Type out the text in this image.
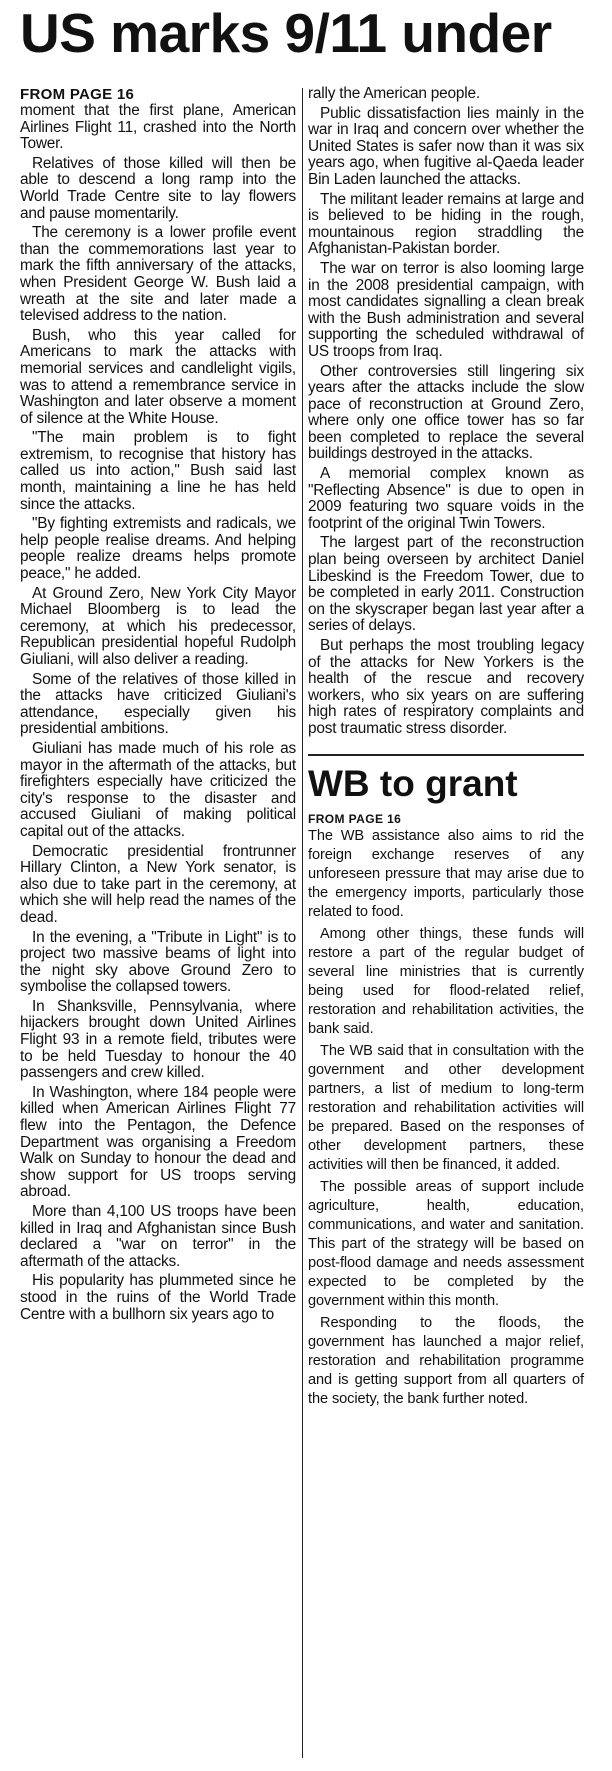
US marks 9/11 under
FROM PAGE 16

moment that the first plane, American Airlines Flight 11, crashed into the North Tower.

Relatives of those killed will then be able to descend a long ramp into the World Trade Centre site to lay flowers and pause momentarily.

The ceremony is a lower profile event than the commemorations last year to mark the fifth anniversary of the attacks, when President George W. Bush laid a wreath at the site and later made a televised address to the nation.

Bush, who this year called for Americans to mark the attacks with memorial services and candlelight vigils, was to attend a remembrance service in Washington and later observe a moment of silence at the White House.

"The main problem is to fight extremism, to recognise that history has called us into action," Bush said last month, maintaining a line he has held since the attacks.

"By fighting extremists and radicals, we help people realise dreams. And helping people realize dreams helps promote peace," he added.

At Ground Zero, New York City Mayor Michael Bloomberg is to lead the ceremony, at which his predecessor, Republican presidential hopeful Rudolph Giuliani, will also deliver a reading.

Some of the relatives of those killed in the attacks have criticized Giuliani's attendance, especially given his presidential ambitions.

Giuliani has made much of his role as mayor in the aftermath of the attacks, but firefighters especially have criticized the city's response to the disaster and accused Giuliani of making political capital out of the attacks.

Democratic presidential frontrunner Hillary Clinton, a New York senator, is also due to take part in the ceremony, at which she will help read the names of the dead.

In the evening, a "Tribute in Light" is to project two massive beams of light into the night sky above Ground Zero to symbolise the collapsed towers.

In Shanksville, Pennsylvania, where hijackers brought down United Airlines Flight 93 in a remote field, tributes were to be held Tuesday to honour the 40 passengers and crew killed.

In Washington, where 184 people were killed when American Airlines Flight 77 flew into the Pentagon, the Defence Department was organising a Freedom Walk on Sunday to honour the dead and show support for US troops serving abroad.

More than 4,100 US troops have been killed in Iraq and Afghanistan since Bush declared a "war on terror" in the aftermath of the attacks.

His popularity has plummeted since he stood in the ruins of the World Trade Centre with a bullhorn six years ago to

rally the American people.

Public dissatisfaction lies mainly in the war in Iraq and concern over whether the United States is safer now than it was six years ago, when fugitive al-Qaeda leader Bin Laden launched the attacks.

The militant leader remains at large and is believed to be hiding in the rough, mountainous region straddling the Afghanistan-Pakistan border.

The war on terror is also looming large in the 2008 presidential campaign, with most candidates signalling a clean break with the Bush administration and several supporting the scheduled withdrawal of US troops from Iraq.

Other controversies still lingering six years after the attacks include the slow pace of reconstruction at Ground Zero, where only one office tower has so far been completed to replace the several buildings destroyed in the attacks.

A memorial complex known as "Reflecting Absence" is due to open in 2009 featuring two square voids in the footprint of the original Twin Towers.

The largest part of the reconstruction plan being overseen by architect Daniel Libeskind is the Freedom Tower, due to be completed in early 2011. Construction on the skyscraper began last year after a series of delays.

But perhaps the most troubling legacy of the attacks for New Yorkers is the health of the rescue and recovery workers, who six years on are suffering high rates of respiratory complaints and post traumatic stress disorder.

WB to grant
FROM PAGE 16

The WB assistance also aims to rid the foreign exchange reserves of any unforeseen pressure that may arise due to the emergency imports, particularly those related to food.

Among other things, these funds will restore a part of the regular budget of several line ministries that is currently being used for flood-related relief, restoration and rehabilitation activities, the bank said.

The WB said that in consultation with the government and other development partners, a list of medium to long-term restoration and rehabilitation activities will be prepared. Based on the responses of other development partners, these activities will then be financed, it added.

The possible areas of support include agriculture, health, education, communications, and water and sanitation. This part of the strategy will be based on post-flood damage and needs assessment expected to be completed by the government within this month.

Responding to the floods, the government has launched a major relief, restoration and rehabilitation programme and is getting support from all quarters of the society, the bank further noted.
